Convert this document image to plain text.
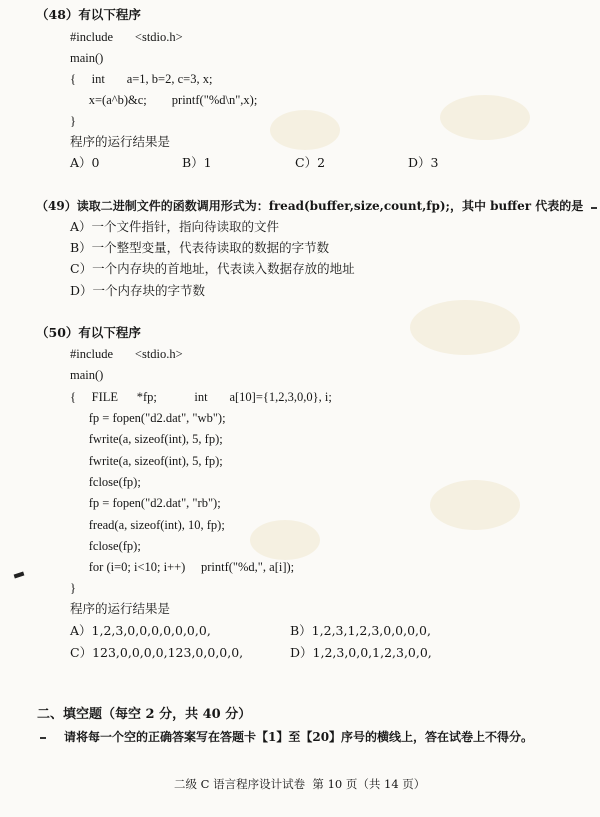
（48）有以下程序
#include       <stdio.h>
main()
{     int       a=1, b=2, c=3, x;
x=(a^b)&c;        printf("%d\n",x);
}
程序的运行结果是
A）0	B）1	C）2	D）3
（49）读取二进制文件的函数调用形式为：fread(buffer,size,count,fp);，其中 buffer 代表的是
A）一个文件指针，指向待读取的文件
B）一个整型变量，代表待读取的数据的字节数
C）一个内存块的首地址，代表读入数据存放的地址
D）一个内存块的字节数
（50）有以下程序
#include       <stdio.h>
main()
{     FILE      *fp;            int       a[10]={1,2,3,0,0}, i;
fp = fopen("d2.dat", "wb");
fwrite(a, sizeof(int), 5, fp);
fwrite(a, sizeof(int), 5, fp);
fclose(fp);
fp = fopen("d2.dat", "rb");
fread(a, sizeof(int), 10, fp);
fclose(fp);
for (i=0; i<10; i++)     printf("%d,", a[i]);
}
程序的运行结果是
A）1,2,3,0,0,0,0,0,0,0,	B）1,2,3,1,2,3,0,0,0,0,
C）123,0,0,0,0,123,0,0,0,0,	D）1,2,3,0,0,1,2,3,0,0,
二、填空题（每空 2 分，共 40 分）
请将每一个空的正确答案写在答题卡【1】至【20】序号的横线上，答在试卷上不得分。
二级 C 语言程序设计试卷  第 10 页（共 14 页）
